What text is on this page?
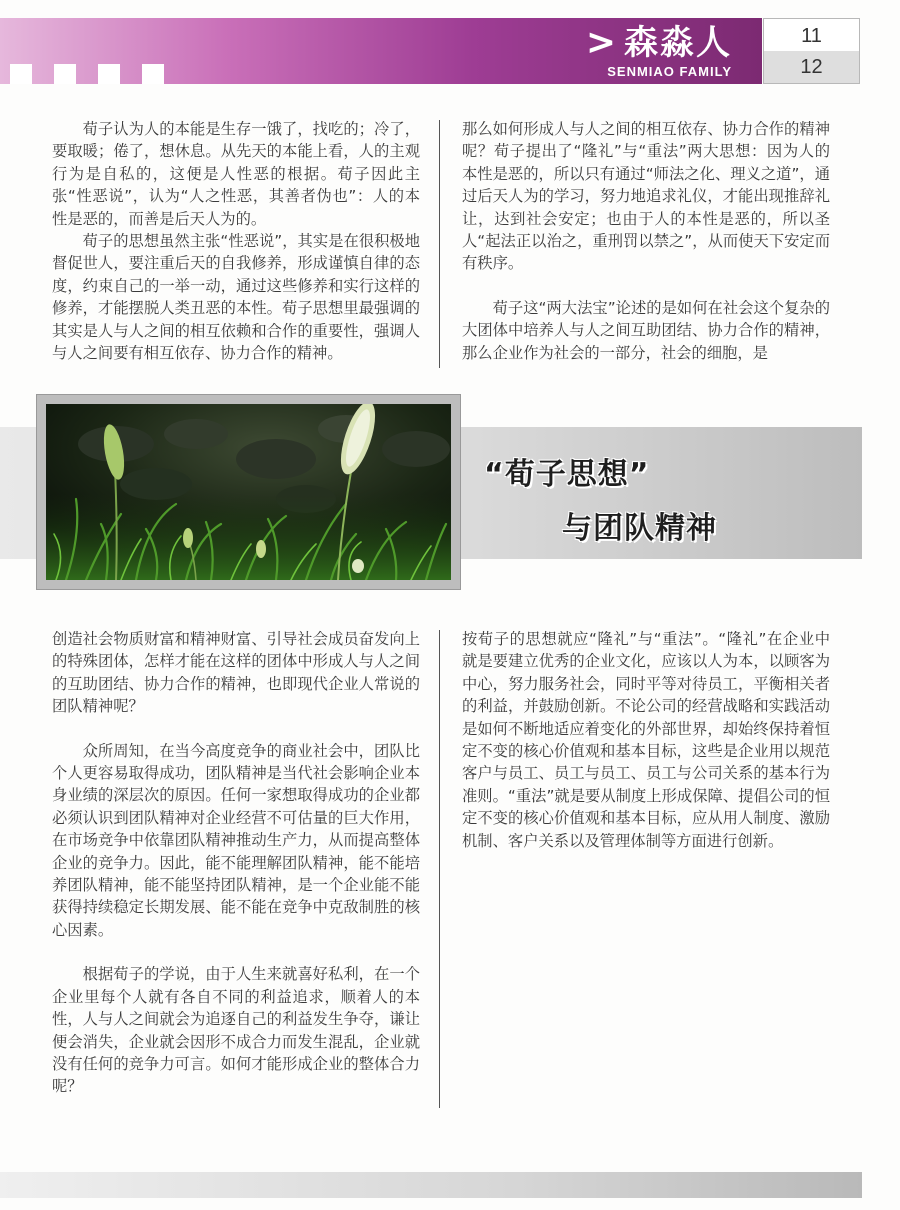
> 森淼人
SENMIAO FAMILY
11
12

荀子认为人的本能是生存一饿了，找吃的；冷了，要取暖；倦了，想休息。从先天的本能上看，人的主观行为是自私的，这便是人性恶的根据。荀子因此主张“性恶说”，认为“人之性恶，其善者伪也”：人的本性是恶的，而善是后天人为的。

荀子的思想虽然主张“性恶说”，其实是在很积极地督促世人，要注重后天的自我修养，形成谨慎自律的态度，约束自己的一举一动，通过这些修养和实行这样的修养，才能摆脱人类丑恶的本性。荀子思想里最强调的其实是人与人之间的相互依赖和合作的重要性，强调人与人之间要有相互依存、协力合作的精神。

那么如何形成人与人之间的相互依存、协力合作的精神呢？荀子提出了“隆礼”与“重法”两大思想：因为人的本性是恶的，所以只有通过“师法之化、理义之道”，通过后天人为的学习，努力地追求礼仪，才能出现推辞礼让，达到社会安定；也由于人的本性是恶的，所以圣人“起法正以治之，重刑罚以禁之”，从而使天下安定而有秩序。

荀子这“两大法宝”论述的是如何在社会这个复杂的大团体中培养人与人之间互助团结、协力合作的精神，那么企业作为社会的一部分，社会的细胞，是

“荀子思想”
与团队精神

创造社会物质财富和精神财富、引导社会成员奋发向上的特殊团体，怎样才能在这样的团体中形成人与人之间的互助团结、协力合作的精神，也即现代企业人常说的团队精神呢？

众所周知，在当今高度竞争的商业社会中，团队比个人更容易取得成功，团队精神是当代社会影响企业本身业绩的深层次的原因。任何一家想取得成功的企业都必须认识到团队精神对企业经营不可估量的巨大作用，在市场竞争中依靠团队精神推动生产力，从而提高整体企业的竞争力。因此，能不能理解团队精神，能不能培养团队精神，能不能坚持团队精神，是一个企业能不能获得持续稳定长期发展、能不能在竞争中克敌制胜的核心因素。

根据荀子的学说，由于人生来就喜好私利，在一个企业里每个人就有各自不同的利益追求，顺着人的本性，人与人之间就会为追逐自己的利益发生争夺，谦让便会消失，企业就会因形不成合力而发生混乱，企业就没有任何的竞争力可言。如何才能形成企业的整体合力呢？

按荀子的思想就应“隆礼”与“重法”。“隆礼”在企业中就是要建立优秀的企业文化，应该以人为本，以顾客为中心，努力服务社会，同时平等对待员工，平衡相关者的利益，并鼓励创新。不论公司的经营战略和实践活动是如何不断地适应着变化的外部世界，却始终保持着恒定不变的核心价值观和基本目标，这些是企业用以规范客户与员工、员工与员工、员工与公司关系的基本行为准则。“重法”就是要从制度上形成保障、提倡公司的恒定不变的核心价值观和基本目标，应从用人制度、激励机制、客户关系以及管理体制等方面进行创新。
